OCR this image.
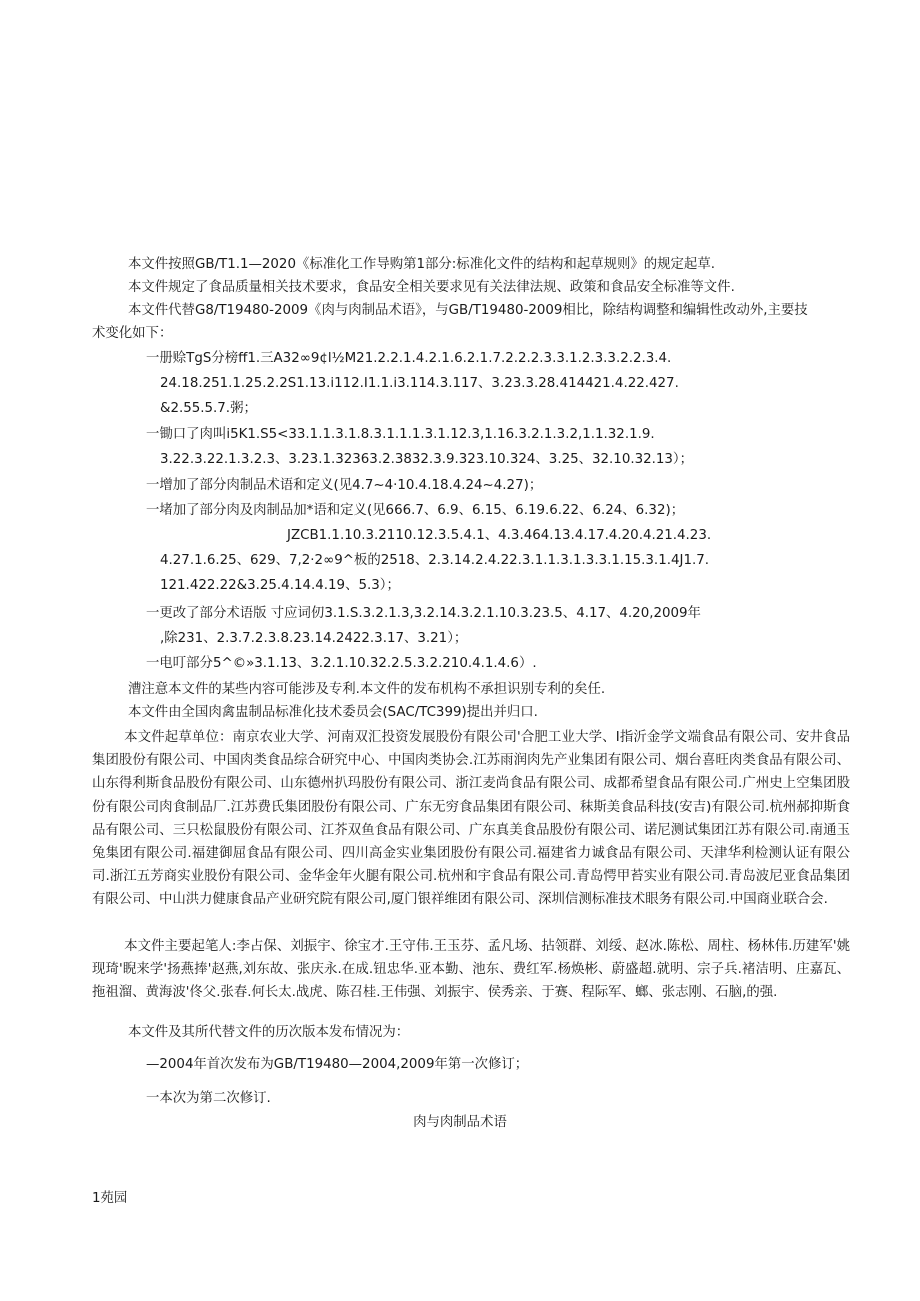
本文件按照GB/T1.1—2020《标准化工作导购第1部分:标准化文件的结构和起草规则》的规定起草.
本文件规定了食品质量相关技术要求，食品安全相关要求见有关法律法规、政策和食品安全标准等文件.
本文件代替G8/T19480-2009《肉与肉制品术语》，与GB/T19480-2009相比，除结构调整和编辑性改动外,主要技
术变化如下：
一册赊TgS分榜ff1.三A32∞9¢l½M21.2.2.1.4.2.1.6.2.1.7.2.2.2.3.3.1.2.3.3.2.2.3.4.
24.18.251.1.25.2.2S1.13.i112.I1.1.i3.114.3.117、3.23.3.28.414421.4.22.427.
&2.55.5.7.粥；
一锄口了肉叫i5K1.S5<33.1.1.3.1.8.3.1.1.1.3.1.12.3,1.16.3.2.1.3.2,1.1.32.1.9.
3.22.3.22.1.3.2.3、3.23.1.32363.2.3832.3.9.323.10.324、3.25、32.10.32.13）；
一增加了部分肉制品术语和定义(见4.7~4·10.4.18.4.24~4.27)；
一堵加了部分肉及肉制品加*语和定义(见666.7、6.9、6.15、6.19.6.22、6.24、6.32)；
JZCB1.1.10.3.2110.12.3.5.4.1、4.3.464.13.4.17.4.20.4.21.4.23.
4.27.1.6.25、629、7,2·2∞9^板的2518、2.3.14.2.4.22.3.1.1.3.1.3.3.1.15.3.1.4J1.7.
121.422.22&3.25.4.14.4.19、5.3）；
一更改了部分术语版 寸应词仞3.1.S.3.2.1.3,3.2.14.3.2.1.10.3.23.5、4.17、4.20,2009年
,除231、2.3.7.2.3.8.23.14.2422.3.17、3.21）；
一电叮部分5^©»3.1.13、3.2.1.10.32.2.5.3.2.210.4.1.4.6）.
漕注意本文件的某些内容可能涉及专利.本文件的发布机构不承担识别专利的矣任.
本文件由全国肉禽盅制品标准化技术委员会(SAC/TC399)提出并归口.
本文件起草单位：南京农业大学、河南双汇投资发展股份有限公司'合肥工业大学、I指沂金学文端食品有限公司、安井食品集团股份有限公司、中国肉类食品综合研究中心、中国肉类协会.江苏雨润肉先产业集团有限公司、烟台喜旺肉类食品有限公司、山东得利斯食品股份有限公司、山东德州扒玛股份有限公司、浙江麦尚食品有限公司、成都希望食品有限公司.广州史上空集团股份有限公司肉食制品厂.江苏费氏集团股份有限公司、广东无穷食品集团有限公司、秣斯美食品科技(安吉)有限公司.杭州郝抑斯食品有限公司、三只松鼠股份有限公司、江芥双鱼食品有限公司、广东真美食品股份有限公司、诺尼测试集团江苏有限公司.南通玉兔集团有限公司.福建御屈食品有限公司、四川高金实业集团股份有限公司.福建省力诚食品有限公司、天津华利检测认证有限公司.浙江五芳商实业股份有限公司、金华金年火腿有限公司.杭州和宇食品有限公司.青岛愕甲苔实业有限公司.青岛波尼亚食品集团有限公司、中山洪力健康食品产业研究院有限公司,厦门银祥维团有限公司、深圳信测标准技术眼务有限公司.中国商业联合会.
本文件主要起笔人:李占保、刘振宇、徐宝才.王守伟.王玉芬、孟凡场、拈领群、刘绥、赵冰.陈松、周柱、杨林伟.历建军'姚现琦'睨来学'扬燕捧'赵燕,刘东故、张庆永.在成.钮忠华.亚本勤、池东、费红军.杨焕彬、蔚盛超.就明、宗子兵.褚洁明、庄嘉瓦、拖祖溜、黄海波'佟父.张春.何长太.战虎、陈召桂.王伟强、刘振宇、侯秀亲、于赛、程际军、螂、张志刚、石脑,的强.
本文件及其所代替文件的历次版本发布情况为：
—2004年首次发布为GB/T19480—2004,2009年第一次修订；
一本次为第二次修订.
肉与肉制品术语
1苑园
